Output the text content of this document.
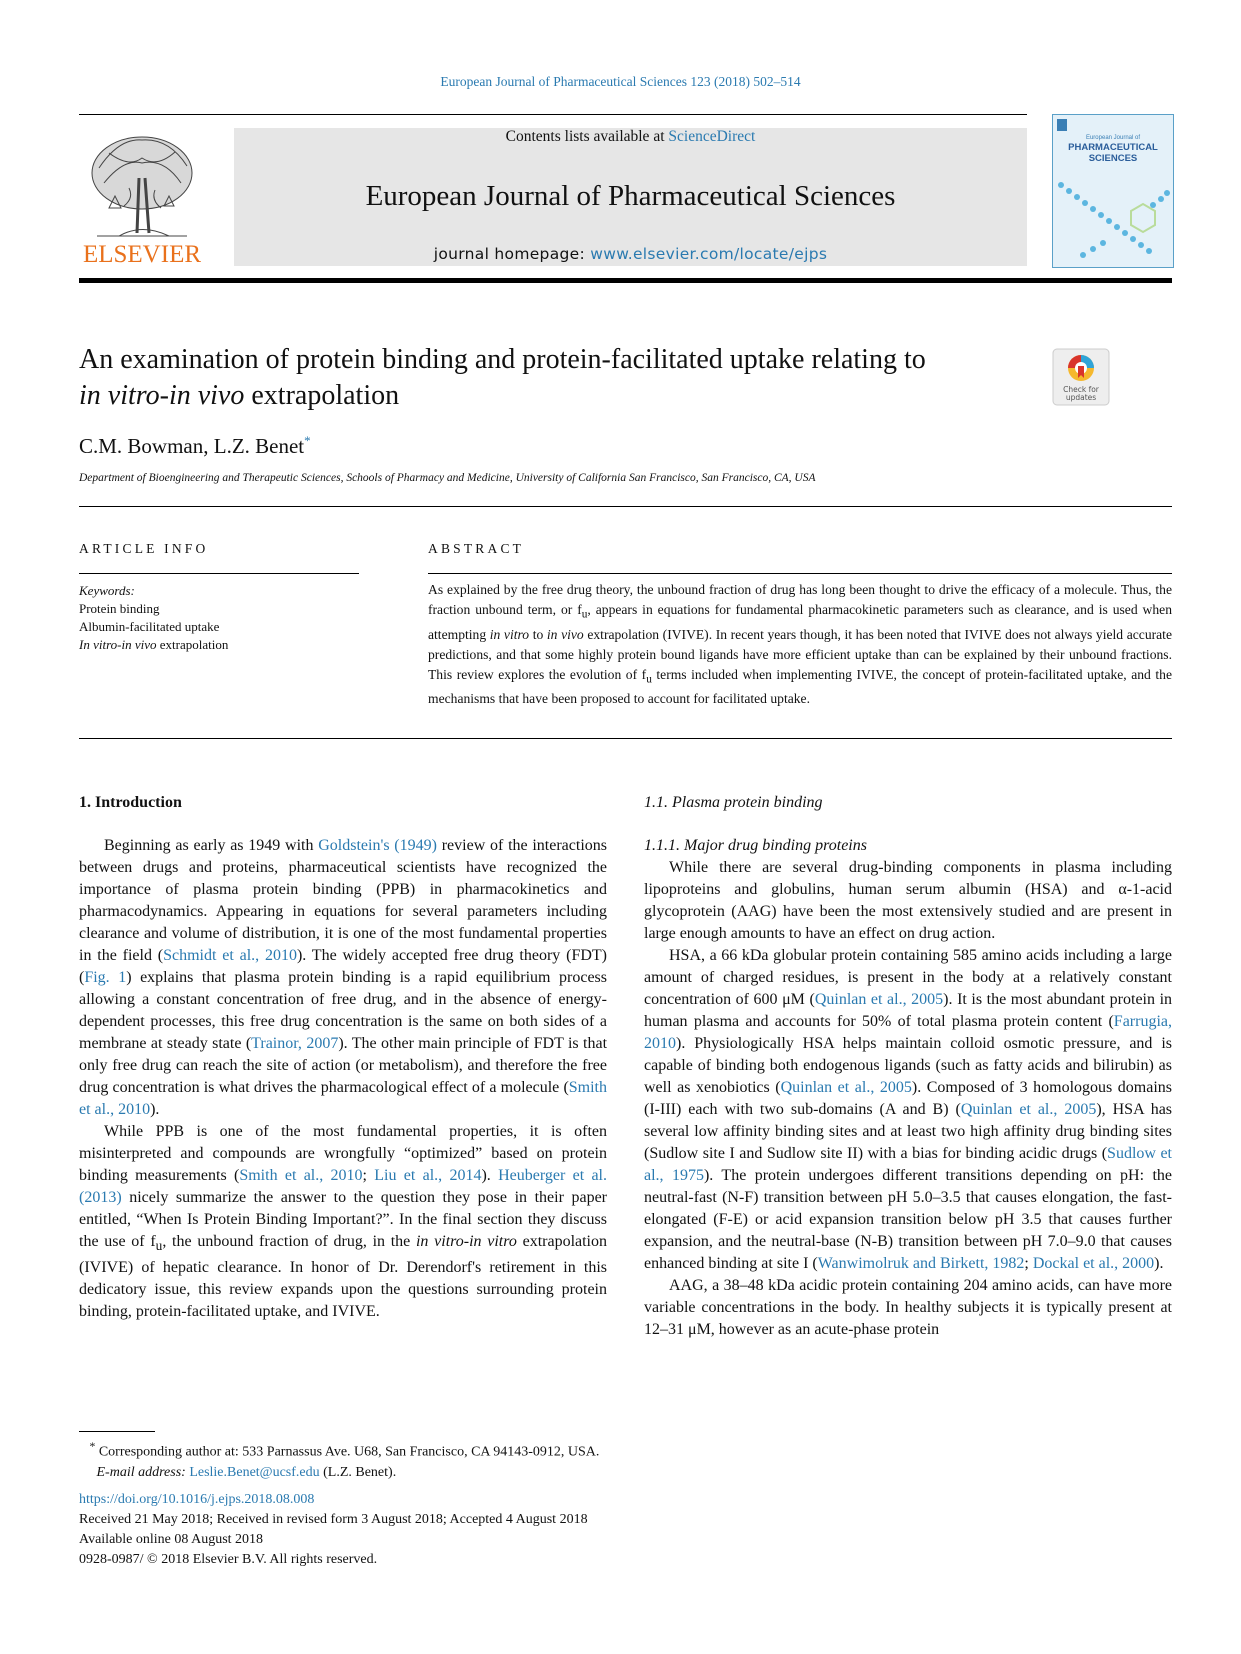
European Journal of Pharmaceutical Sciences 123 (2018) 502–514
ELSEVIER
Contents lists available at ScienceDirect
European Journal of Pharmaceutical Sciences
journal homepage: www.elsevier.com/locate/ejps
European Journal of
PHARMACEUTICAL
SCIENCES
An examination of protein binding and protein-facilitated uptake relating to
in vitro-in vivo extrapolation	Check for
updates
C.M. Bowman, L.Z. Benet*
Department of Bioengineering and Therapeutic Sciences, Schools of Pharmacy and Medicine, University of California San Francisco, San Francisco, CA, USA
ARTICLE INFO
Keywords:
Protein binding
Albumin-facilitated uptake
In vitro-in vivo extrapolation
ABSTRACT
As explained by the free drug theory, the unbound fraction of drug has long been thought to drive the efficacy of a molecule. Thus, the fraction unbound term, or $f_u$, appears in equations for fundamental pharmacokinetic parameters such as clearance, and is used when attempting in vitro to in vivo extrapolation (IVIVE). In recent years though, it has been noted that IVIVE does not always yield accurate predictions, and that some highly protein bound ligands have more efficient uptake than can be explained by their unbound fractions. This review explores the evolution of $f_u$ terms included when implementing IVIVE, the concept of protein-facilitated uptake, and the mechanisms that have been proposed to account for facilitated uptake.
1. Introduction

Beginning as early as 1949 with Goldstein's (1949) review of the interactions between drugs and proteins, pharmaceutical scientists have recognized the importance of plasma protein binding (PPB) in pharmacokinetics and pharmacodynamics. Appearing in equations for several parameters including clearance and volume of distribution, it is one of the most fundamental properties in the field (Schmidt et al., 2010). The widely accepted free drug theory (FDT) (Fig. 1) explains that plasma protein binding is a rapid equilibrium process allowing a constant concentration of free drug, and in the absence of energy-dependent processes, this free drug concentration is the same on both sides of a membrane at steady state (Trainor, 2007). The other main principle of FDT is that only free drug can reach the site of action (or metabolism), and therefore the free drug concentration is what drives the pharmacological effect of a molecule (Smith et al., 2010).

While PPB is one of the most fundamental properties, it is often misinterpreted and compounds are wrongfully “optimized” based on protein binding measurements (Smith et al., 2010; Liu et al., 2014). Heuberger et al. (2013) nicely summarize the answer to the question they pose in their paper entitled, “When Is Protein Binding Important?”. In the final section they discuss the use of $f_u$, the unbound fraction of drug, in the in vitro-in vitro extrapolation (IVIVE) of hepatic clearance. In honor of Dr. Derendorf's retirement in this dedicatory issue, this review expands upon the questions surrounding protein binding, protein-facilitated uptake, and IVIVE.

1.1. Plasma protein binding
1.1.1. Major drug binding proteins

While there are several drug-binding components in plasma including lipoproteins and globulins, human serum albumin (HSA) and α-1-acid glycoprotein (AAG) have been the most extensively studied and are present in large enough amounts to have an effect on drug action.

HSA, a 66 kDa globular protein containing 585 amino acids including a large amount of charged residues, is present in the body at a relatively constant concentration of 600 μM (Quinlan et al., 2005). It is the most abundant protein in human plasma and accounts for 50% of total plasma protein content (Farrugia, 2010). Physiologically HSA helps maintain colloid osmotic pressure, and is capable of binding both endogenous ligands (such as fatty acids and bilirubin) as well as xenobiotics (Quinlan et al., 2005). Composed of 3 homologous domains (I-III) each with two sub-domains (A and B) (Quinlan et al., 2005), HSA has several low affinity binding sites and at least two high affinity drug binding sites (Sudlow site I and Sudlow site II) with a bias for binding acidic drugs (Sudlow et al., 1975). The protein undergoes different transitions depending on pH: the neutral-fast (N-F) transition between pH 5.0–3.5 that causes elongation, the fast-elongated (F-E) or acid expansion transition below pH 3.5 that causes further expansion, and the neutral-base (N-B) transition between pH 7.0–9.0 that causes enhanced binding at site I (Wanwimolruk and Birkett, 1982; Dockal et al., 2000).

AAG, a 38–48 kDa acidic protein containing 204 amino acids, can have more variable concentrations in the body. In healthy subjects it is typically present at 12–31 μM, however as an acute-phase protein

* Corresponding author at: 533 Parnassus Ave. U68, San Francisco, CA 94143-0912, USA.
E-mail address: Leslie.Benet@ucsf.edu (L.Z. Benet).
https://doi.org/10.1016/j.ejps.2018.08.008
Received 21 May 2018; Received in revised form 3 August 2018; Accepted 4 August 2018
Available online 08 August 2018
0928-0987/ © 2018 Elsevier B.V. All rights reserved.
